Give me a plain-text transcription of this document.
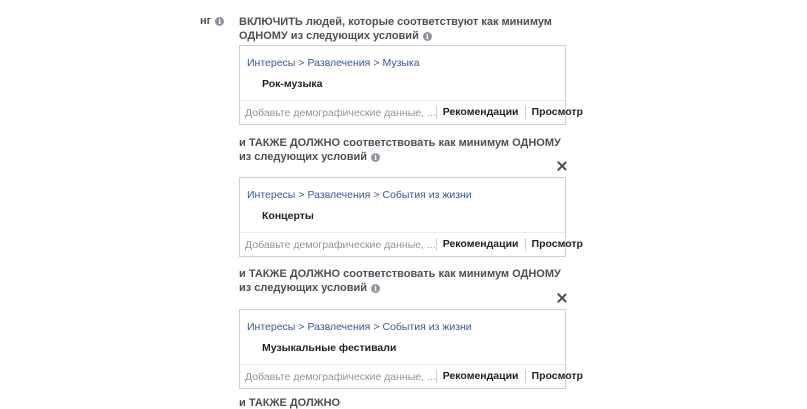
нг i ВКЛЮЧИТЬ людей, которые соответствуют как минимум ОДНОМУ из следующих условий i
Интересы > Развлечения > Музыка
Рок-музыка
Добавьте демографические данные, ... Рекомендации	Просмотр
и ТАКЖЕ ДОЛЖНО соответствовать как минимум ОДНОМУ из следующих условий i
Интересы > Развлечения > События из жизни
Концерты
Добавьте демографические данные, ... Рекомендации	Просмотр
и ТАКЖЕ ДОЛЖНО соответствовать как минимум ОДНОМУ из следующих условий i
Интересы > Развлечения > События из жизни
Музыкальные фестивали
Добавьте демографические данные, ... Рекомендации	Просмотр
и ТАКЖЕ ДОЛЖНО
